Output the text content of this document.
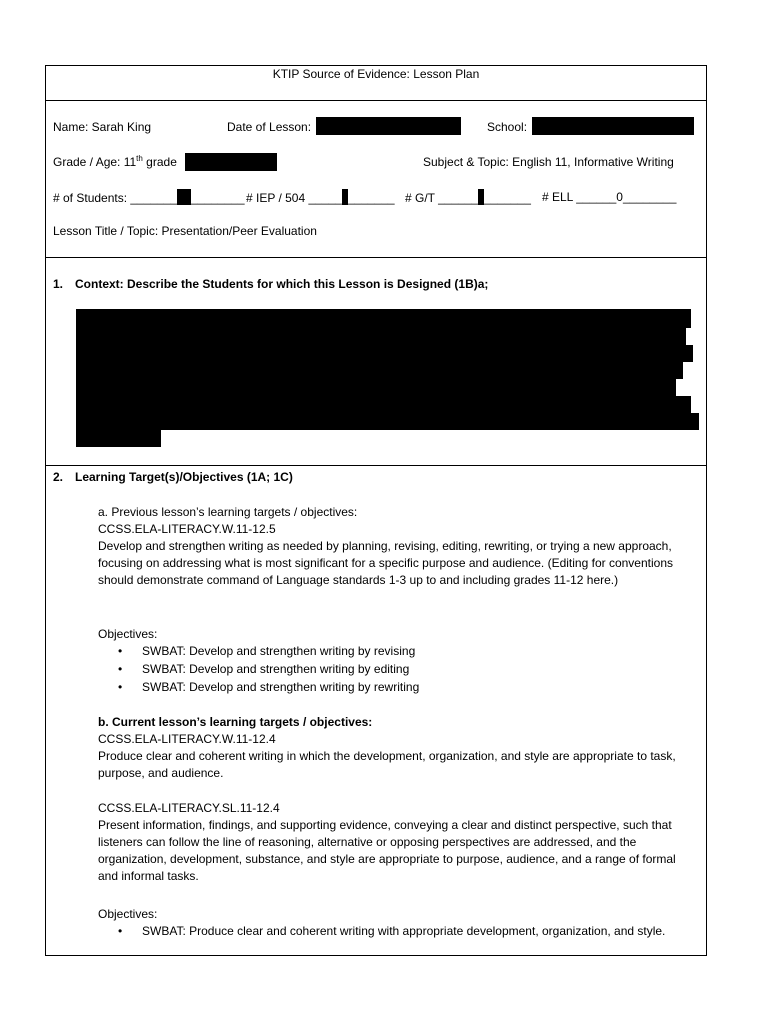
KTIP Source of Evidence: Lesson Plan
Name: Sarah King	Date of Lesson:	School:
Grade / Age: 11th grade	Subject & Topic: English 11, Informative Writing
# of Students: _______ ________ # IEP / 504 _____ _______ # G/T ______ _______ # ELL ______0________
Lesson Title / Topic: Presentation/Peer Evaluation
1. Context: Describe the Students for which this Lesson is Designed (1B)a;
2. Learning Target(s)/Objectives (1A; 1C)
a. Previous lesson’s learning targets / objectives:
CCSS.ELA-LITERACY.W.11-12.5
Develop and strengthen writing as needed by planning, revising, editing, rewriting, or trying a new approach, focusing on addressing what is most significant for a specific purpose and audience. (Editing for conventions should demonstrate command of Language standards 1-3 up to and including grades 11-12 here.)
Objectives:
• SWBAT: Develop and strengthen writing by revising
• SWBAT: Develop and strengthen writing by editing
• SWBAT: Develop and strengthen writing by rewriting
b. Current lesson’s learning targets / objectives:
CCSS.ELA-LITERACY.W.11-12.4
Produce clear and coherent writing in which the development, organization, and style are appropriate to task, purpose, and audience.
CCSS.ELA-LITERACY.SL.11-12.4
Present information, findings, and supporting evidence, conveying a clear and distinct perspective, such that listeners can follow the line of reasoning, alternative or opposing perspectives are addressed, and the organization, development, substance, and style are appropriate to purpose, audience, and a range of formal and informal tasks.
Objectives:
• SWBAT: Produce clear and coherent writing with appropriate development, organization, and style.
